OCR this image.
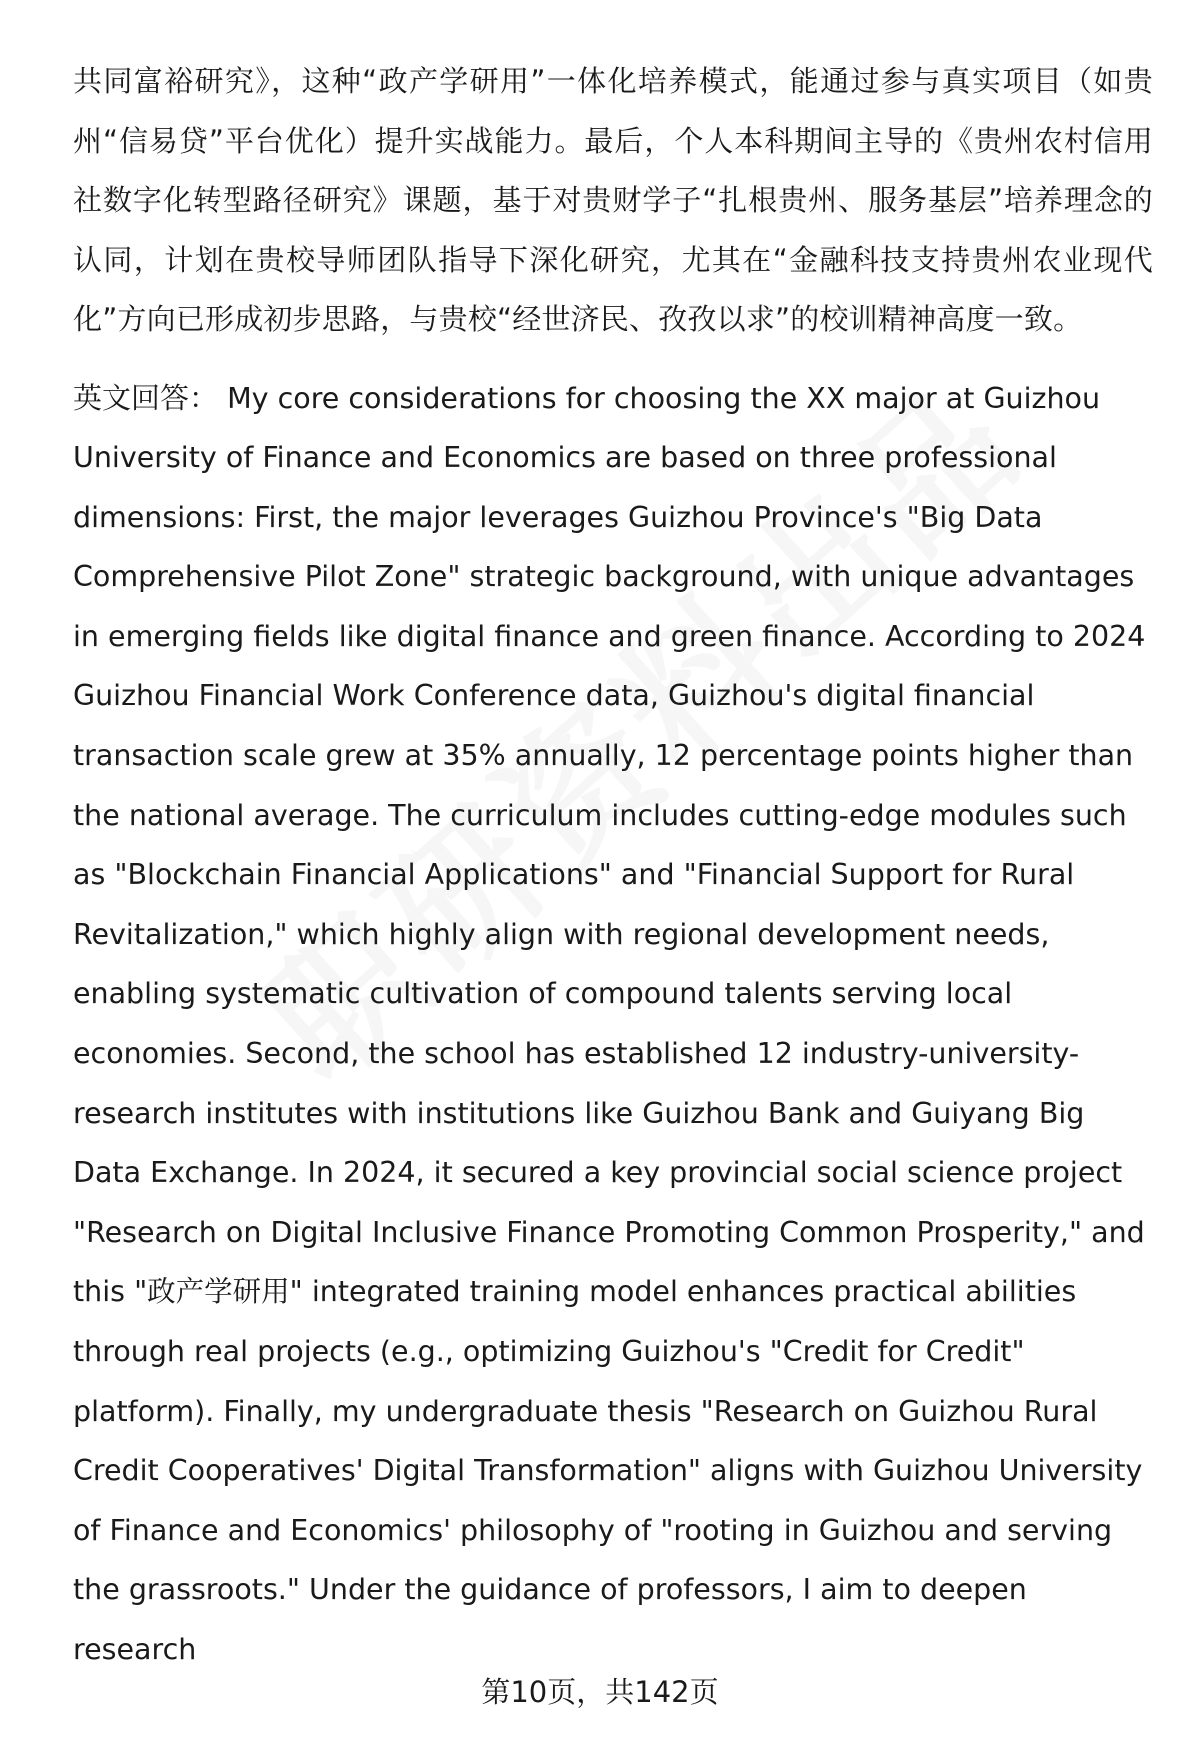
共同富裕研究》，这种“政产学研用”一体化培养模式，能通过参与真实项目（如贵州“信易贷”平台优化）提升实战能力。最后，个人本科期间主导的《贵州农村信用社数字化转型路径研究》课题，基于对贵财学子“扎根贵州、服务基层”培养理念的认同，计划在贵校导师团队指导下深化研究，尤其在“金融科技支持贵州农业现代化”方向已形成初步思路，与贵校“经世济民、孜孜以求”的校训精神高度一致。

英文回答： My core considerations for choosing the XX major at Guizhou University of Finance and Economics are based on three professional dimensions: First, the major leverages Guizhou Province's "Big Data Comprehensive Pilot Zone" strategic background, with unique advantages in emerging fields like digital finance and green finance. According to 2024 Guizhou Financial Work Conference data, Guizhou's digital financial transaction scale grew at 35% annually, 12 percentage points higher than the national average. The curriculum includes cutting-edge modules such as "Blockchain Financial Applications" and "Financial Support for Rural Revitalization," which highly align with regional development needs, enabling systematic cultivation of compound talents serving local economies. Second, the school has established 12 industry-university-research institutes with institutions like Guizhou Bank and Guiyang Big Data Exchange. In 2024, it secured a key provincial social science project "Research on Digital Inclusive Finance Promoting Common Prosperity," and this "政产学研用" integrated training model enhances practical abilities through real projects (e.g., optimizing Guizhou's "Credit for Credit" platform). Finally, my undergraduate thesis "Research on Guizhou Rural Credit Cooperatives' Digital Transformation" aligns with Guizhou University of Finance and Economics' philosophy of "rooting in Guizhou and serving the grassroots." Under the guidance of professors, I aim to deepen research

第10页，共142页
